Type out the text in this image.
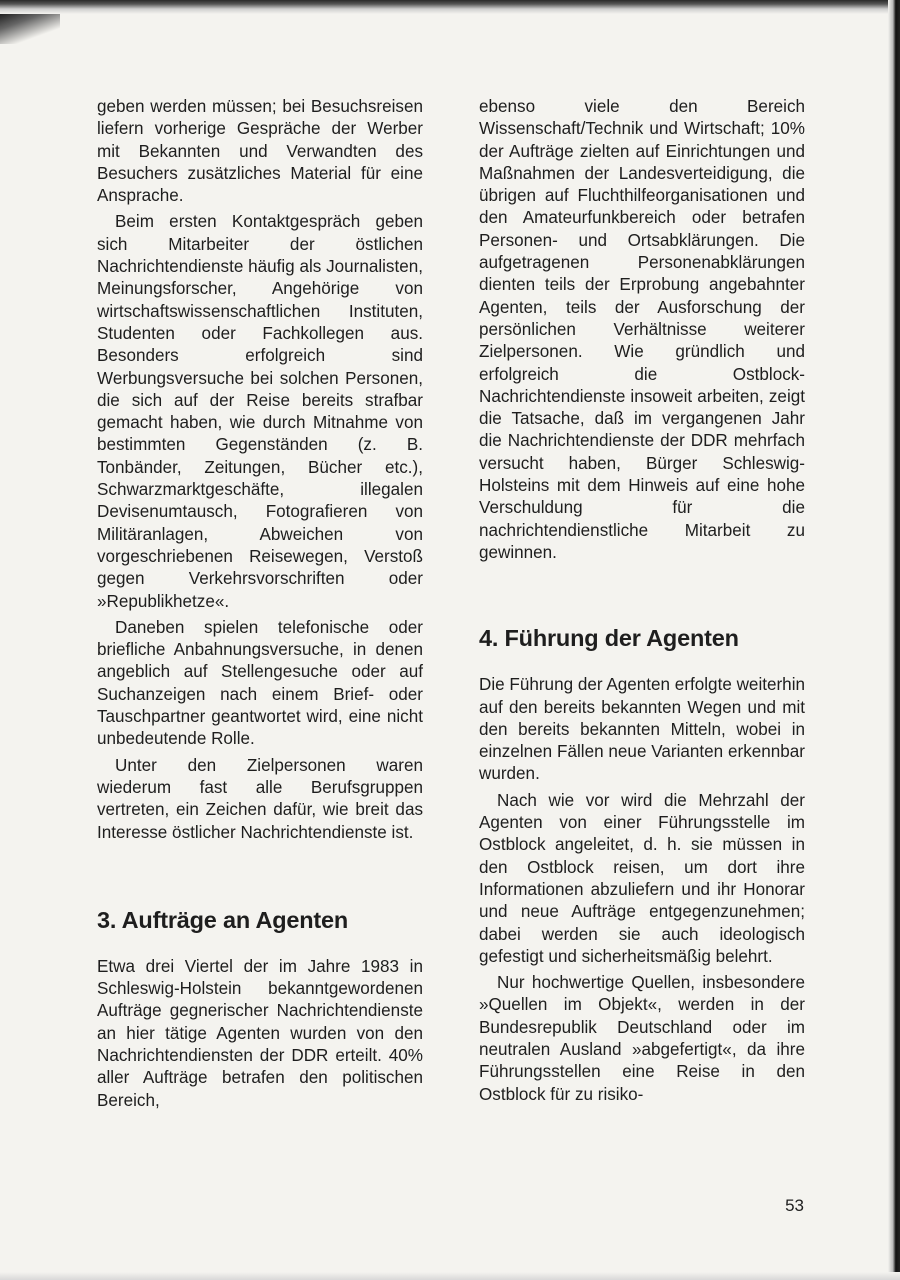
geben werden müssen; bei Besuchsreisen liefern vorherige Gespräche der Werber mit Bekannten und Verwandten des Besuchers zusätzliches Material für eine Ansprache.

Beim ersten Kontaktgespräch geben sich Mitarbeiter der östlichen Nachrichtendienste häufig als Journalisten, Meinungsforscher, Angehörige von wirtschaftswissenschaftlichen Instituten, Studenten oder Fachkollegen aus. Besonders erfolgreich sind Werbungsversuche bei solchen Personen, die sich auf der Reise bereits strafbar gemacht haben, wie durch Mitnahme von bestimmten Gegenständen (z. B. Tonbänder, Zeitungen, Bücher etc.), Schwarzmarktgeschäfte, illegalen Devisenumtausch, Fotografieren von Militäranlagen, Abweichen von vorgeschriebenen Reisewegen, Verstoß gegen Verkehrsvorschriften oder »Republikhetze«.

Daneben spielen telefonische oder briefliche Anbahnungsversuche, in denen angeblich auf Stellengesuche oder auf Suchanzeigen nach einem Brief- oder Tauschpartner geantwortet wird, eine nicht unbedeutende Rolle.

Unter den Zielpersonen waren wiederum fast alle Berufsgruppen vertreten, ein Zeichen dafür, wie breit das Interesse östlicher Nachrichtendienste ist.

3. Aufträge an Agenten

Etwa drei Viertel der im Jahre 1983 in Schleswig-Holstein bekanntgewordenen Aufträge gegnerischer Nachrichtendienste an hier tätige Agenten wurden von den Nachrichtendiensten der DDR erteilt. 40% aller Aufträge betrafen den politischen Bereich,

ebenso viele den Bereich Wissenschaft/Technik und Wirtschaft; 10% der Aufträge zielten auf Einrichtungen und Maßnahmen der Landesverteidigung, die übrigen auf Fluchthilfeorganisationen und den Amateurfunkbereich oder betrafen Personen- und Ortsabklärungen. Die aufgetragenen Personenabklärungen dienten teils der Erprobung angebahnter Agenten, teils der Ausforschung der persönlichen Verhältnisse weiterer Zielpersonen. Wie gründlich und erfolgreich die Ostblock-Nachrichtendienste insoweit arbeiten, zeigt die Tatsache, daß im vergangenen Jahr die Nachrichtendienste der DDR mehrfach versucht haben, Bürger Schleswig-Holsteins mit dem Hinweis auf eine hohe Verschuldung für die nachrichtendienstliche Mitarbeit zu gewinnen.

4. Führung der Agenten

Die Führung der Agenten erfolgte weiterhin auf den bereits bekannten Wegen und mit den bereits bekannten Mitteln, wobei in einzelnen Fällen neue Varianten erkennbar wurden.

Nach wie vor wird die Mehrzahl der Agenten von einer Führungsstelle im Ostblock angeleitet, d. h. sie müssen in den Ostblock reisen, um dort ihre Informationen abzuliefern und ihr Honorar und neue Aufträge entgegenzunehmen; dabei werden sie auch ideologisch gefestigt und sicherheitsmäßig belehrt.

Nur hochwertige Quellen, insbesondere »Quellen im Objekt«, werden in der Bundesrepublik Deutschland oder im neutralen Ausland »abgefertigt«, da ihre Führungsstellen eine Reise in den Ostblock für zu risiko-

53
